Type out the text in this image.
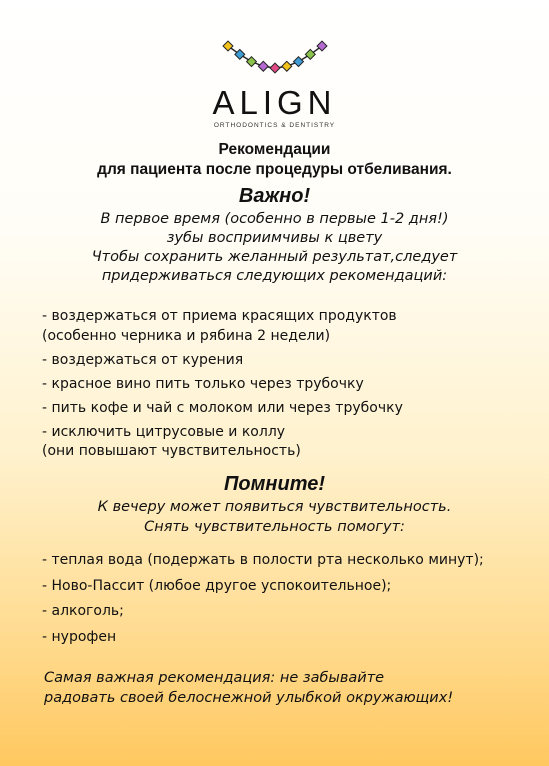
ALIGN
ORTHODONTICS & DENTISTRY
Рекомендации
для пациента после процедуры отбеливания.
Важно!
В первое время (особенно в первые 1-2 дня!)
зубы восприимчивы к цвету
Чтобы сохранить желанный результат,следует
придерживаться следующих рекомендаций:
- воздержаться от приема красящих продуктов
(особенно черника и рябина 2 недели)
- воздержаться от курения
- красное вино пить только через трубочку
- пить кофе и чай с молоком или через трубочку
- исключить цитрусовые и коллу
(они повышают чувствительность)
Помните!
К вечеру может появиться чувствительность.
Снять чувствительность помогут:
- теплая вода (подержать в полости рта несколько минут);
- Ново-Пассит (любое другое успокоительное);
- алкоголь;
- нурофен
Самая важная рекомендация: не забывайте
радовать своей белоснежной улыбкой окружающих!
